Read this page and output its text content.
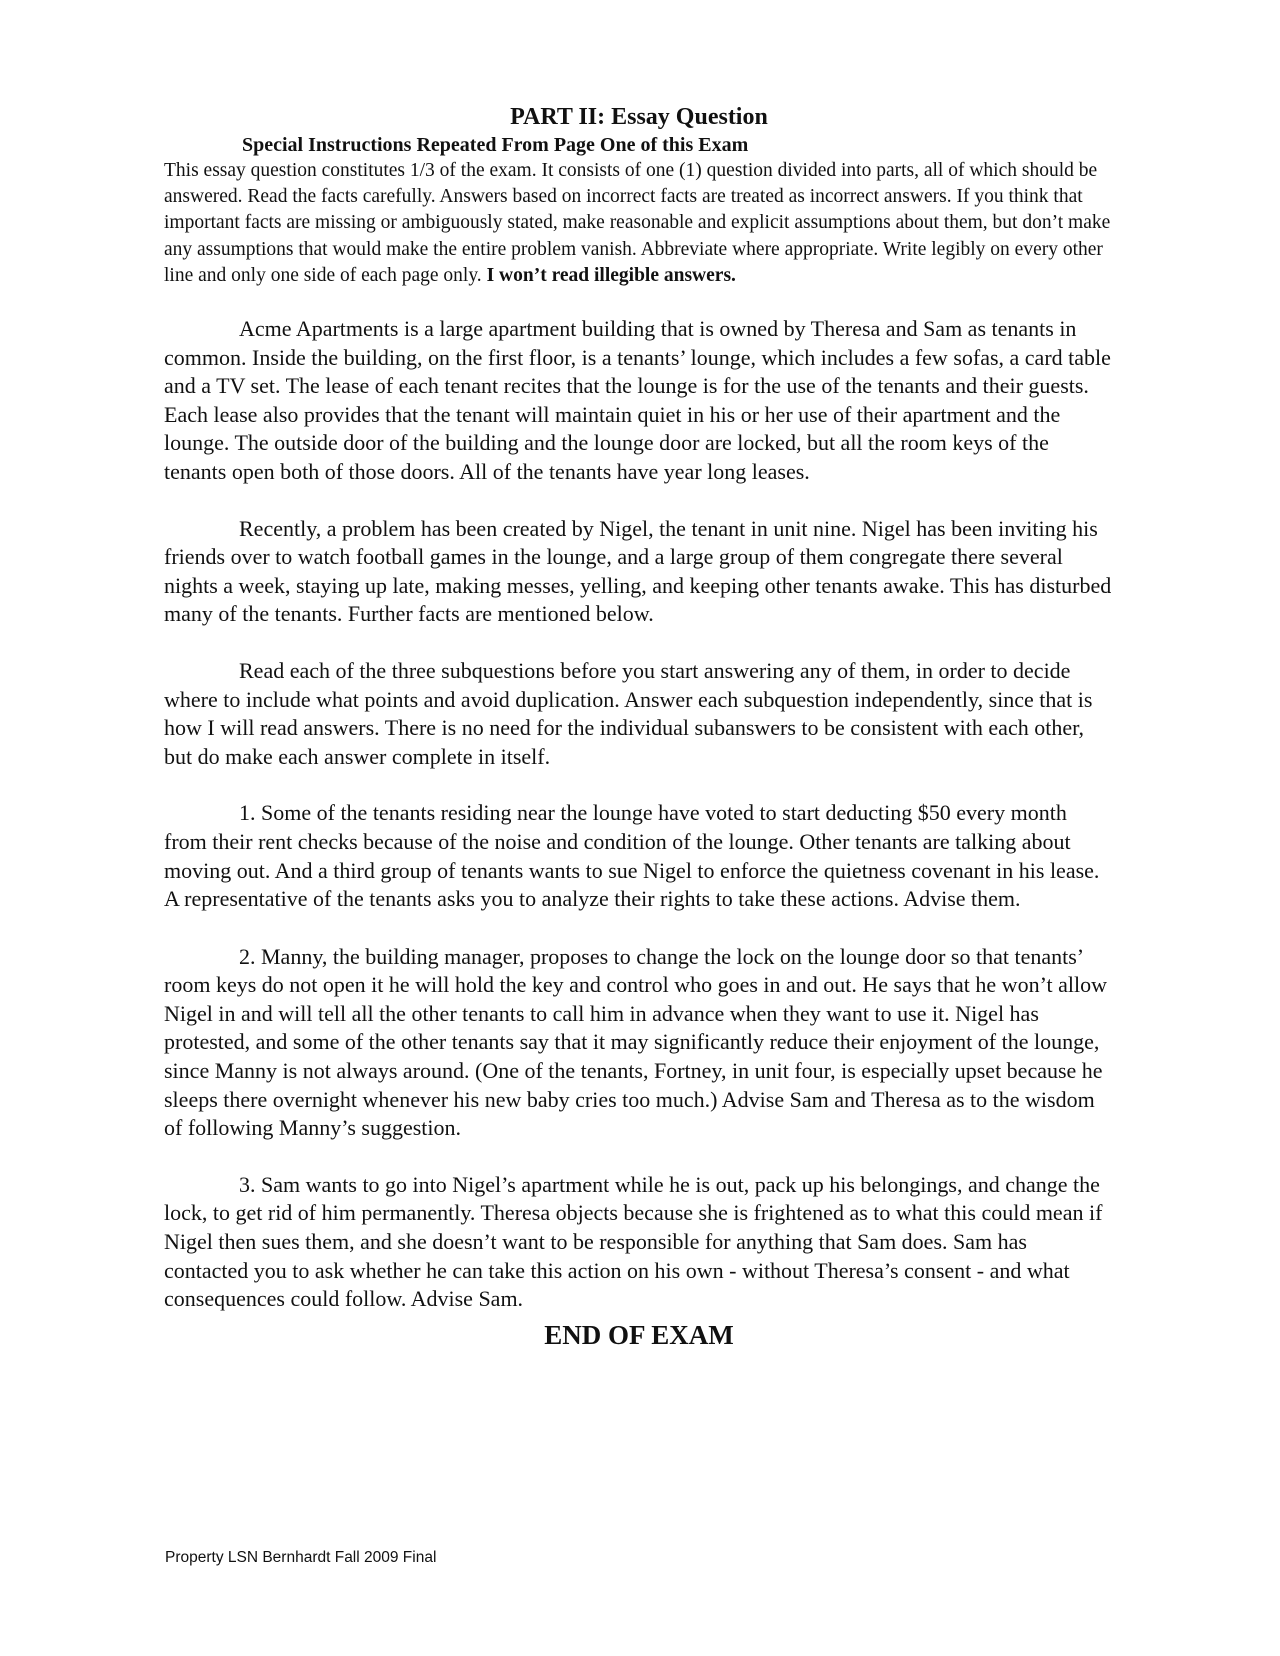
PART II: Essay Question
Special Instructions Repeated From Page One of this Exam

This essay question constitutes 1/3 of the exam. It consists of one (1) question divided into parts, all of which should be answered. Read the facts carefully. Answers based on incorrect facts are treated as incorrect answers. If you think that important facts are missing or ambiguously stated, make reasonable and explicit assumptions about them, but don’t make any assumptions that would make the entire problem vanish. Abbreviate where appropriate. Write legibly on every other line and only one side of each page only. I won’t read illegible answers.

Acme Apartments is a large apartment building that is owned by Theresa and Sam as tenants in common. Inside the building, on the first floor, is a tenants’ lounge, which includes a few sofas, a card table and a TV set. The lease of each tenant recites that the lounge is for the use of the tenants and their guests. Each lease also provides that the tenant will maintain quiet in his or her use of their apartment and the lounge. The outside door of the building and the lounge door are locked, but all the room keys of the tenants open both of those doors. All of the tenants have year long leases.

Recently, a problem has been created by Nigel, the tenant in unit nine. Nigel has been inviting his friends over to watch football games in the lounge, and a large group of them congregate there several nights a week, staying up late, making messes, yelling, and keeping other tenants awake. This has disturbed many of the tenants. Further facts are mentioned below.

Read each of the three subquestions before you start answering any of them, in order to decide where to include what points and avoid duplication. Answer each subquestion independently, since that is how I will read answers. There is no need for the individual subanswers to be consistent with each other, but do make each answer complete in itself.

1. Some of the tenants residing near the lounge have voted to start deducting $50 every month from their rent checks because of the noise and condition of the lounge. Other tenants are talking about moving out. And a third group of tenants wants to sue Nigel to enforce the quietness covenant in his lease. A representative of the tenants asks you to analyze their rights to take these actions. Advise them.

2. Manny, the building manager, proposes to change the lock on the lounge door so that tenants’ room keys do not open it he will hold the key and control who goes in and out. He says that he won’t allow Nigel in and will tell all the other tenants to call him in advance when they want to use it. Nigel has protested, and some of the other tenants say that it may significantly reduce their enjoyment of the lounge, since Manny is not always around. (One of the tenants, Fortney, in unit four, is especially upset because he sleeps there overnight whenever his new baby cries too much.) Advise Sam and Theresa as to the wisdom of following Manny’s suggestion.

3. Sam wants to go into Nigel’s apartment while he is out, pack up his belongings, and change the lock, to get rid of him permanently. Theresa objects because she is frightened as to what this could mean if Nigel then sues them, and she doesn’t want to be responsible for anything that Sam does. Sam has contacted you to ask whether he can take this action on his own - without Theresa’s consent - and what consequences could follow. Advise Sam.

END OF EXAM
Property LSN Bernhardt Fall 2009 Final
